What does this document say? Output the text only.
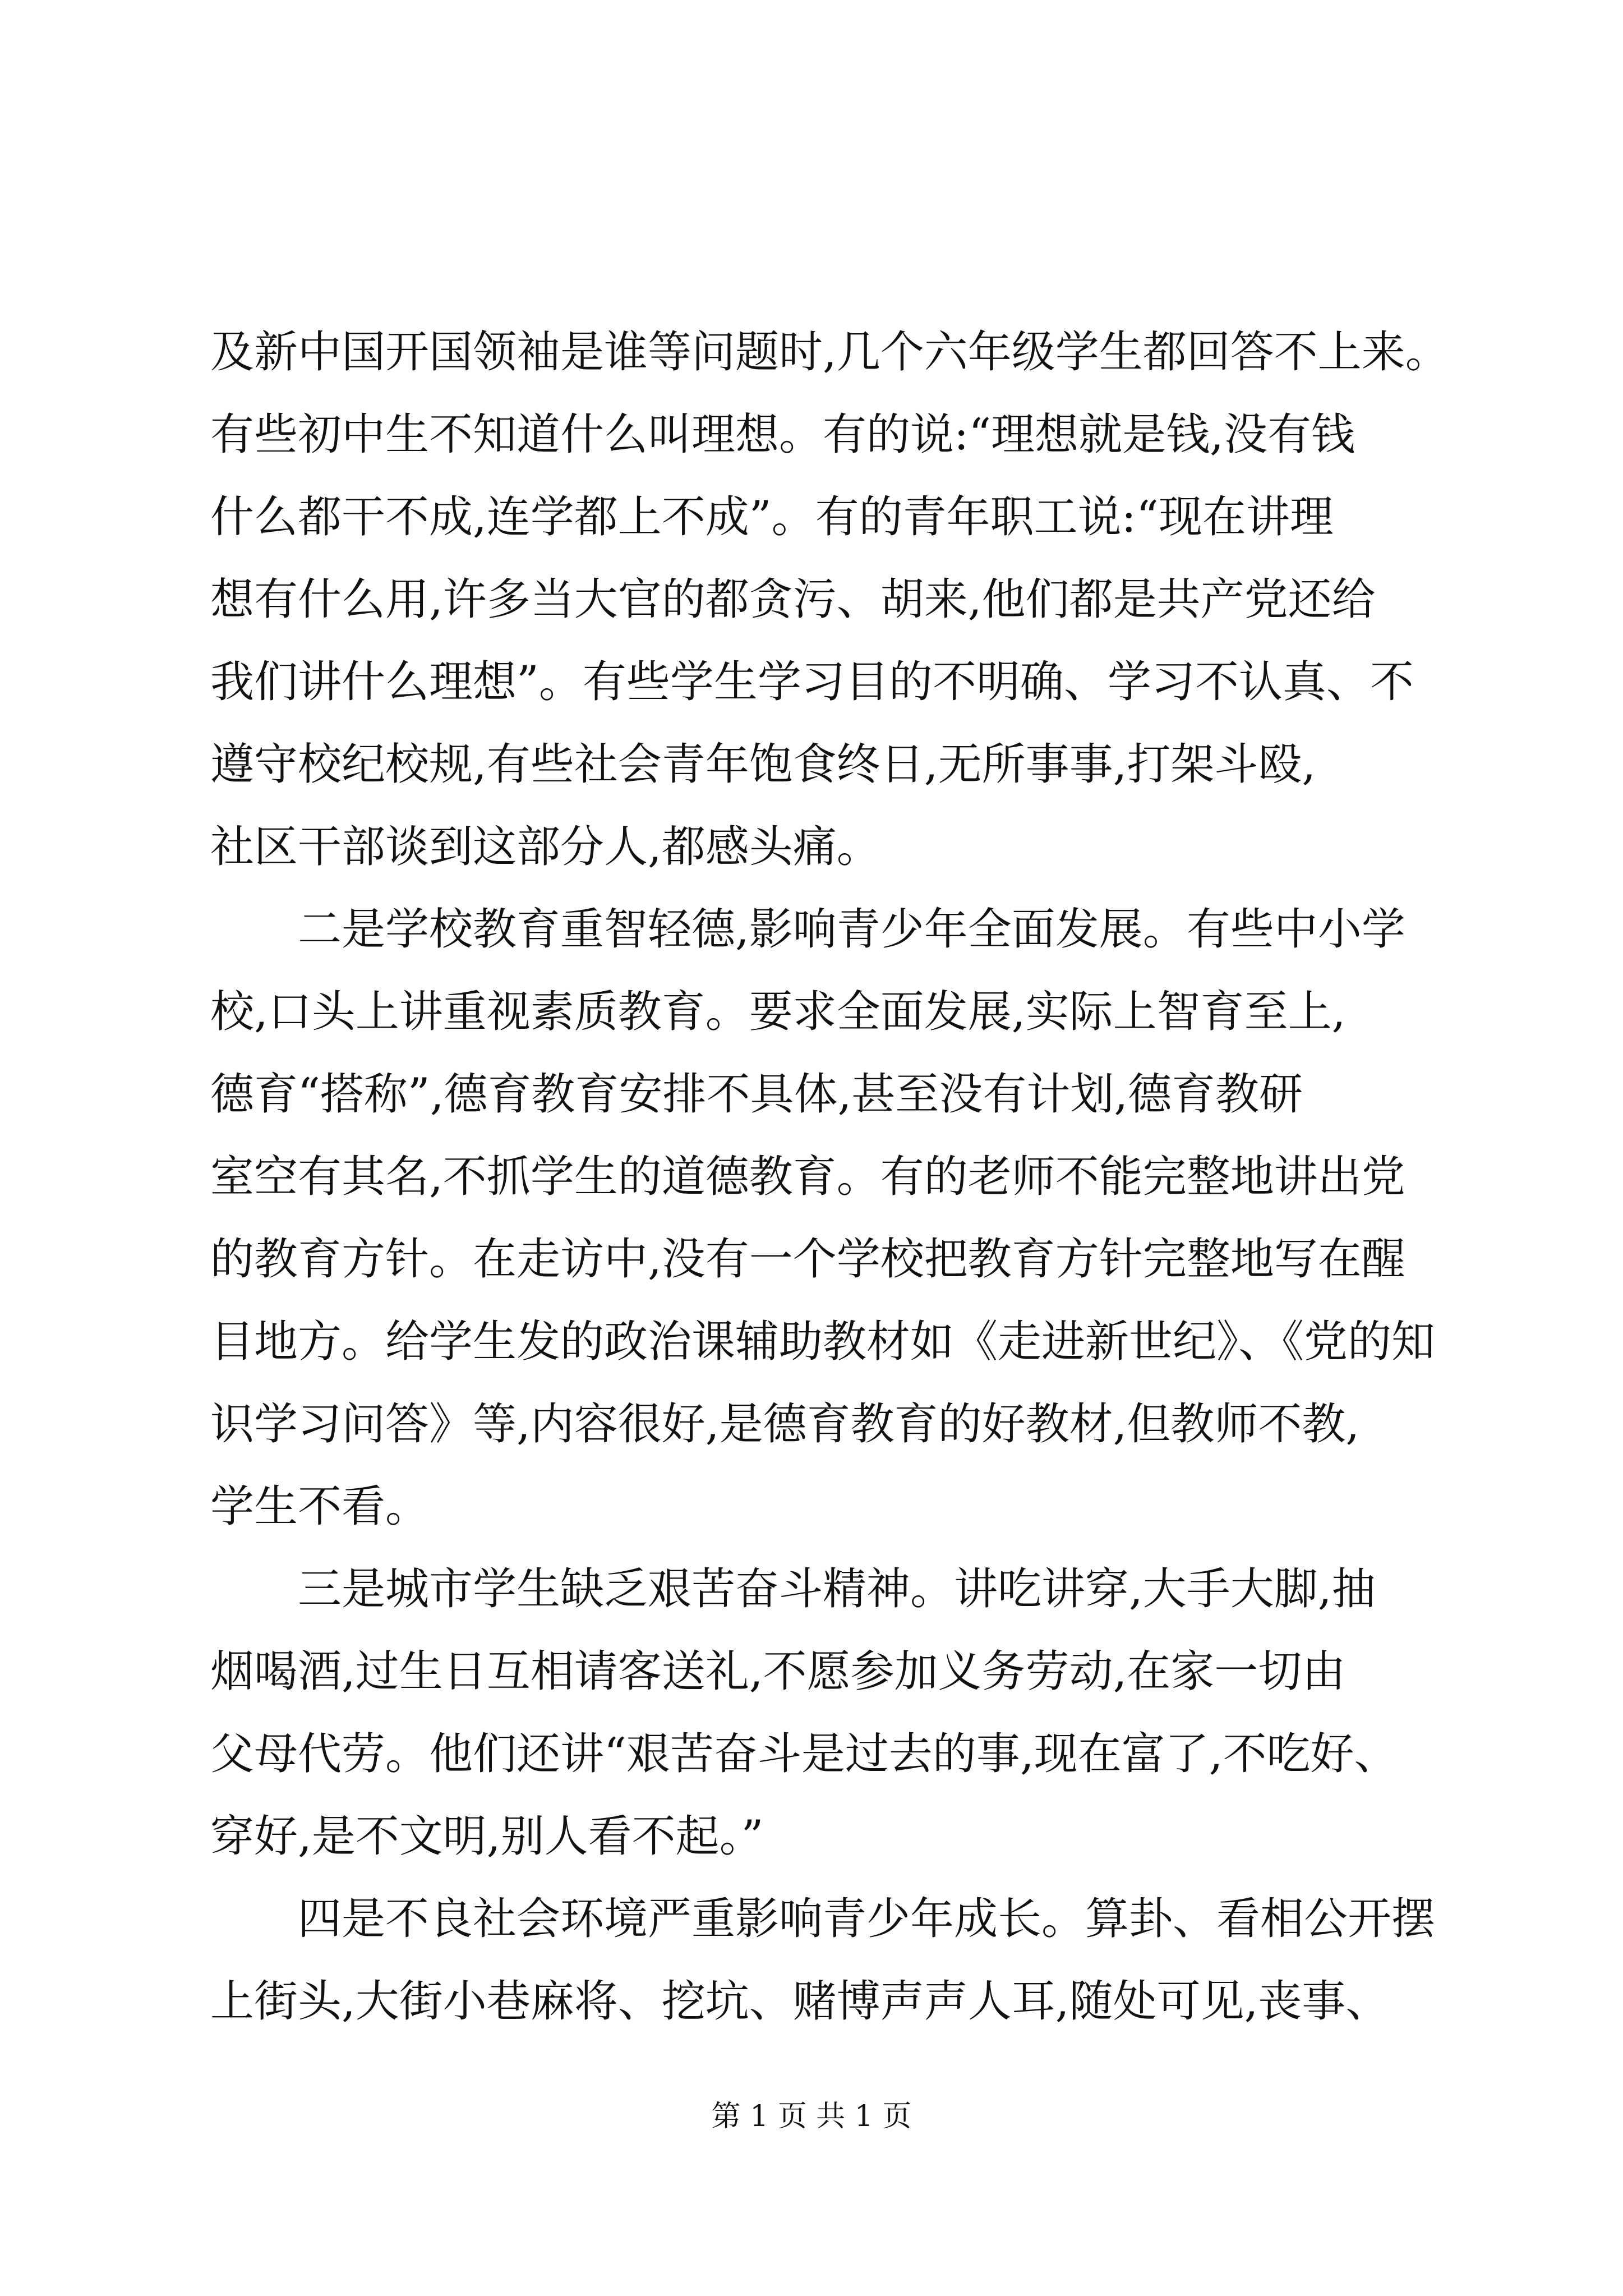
及新中国开国领袖是谁等问题时,几个六年级学生都回答不上来。
有些初中生不知道什么叫理想。有的说:“理想就是钱,没有钱
什么都干不成,连学都上不成”。有的青年职工说:“现在讲理
想有什么用,许多当大官的都贪污、胡来,他们都是共产党还给
我们讲什么理想”。有些学生学习目的不明确、学习不认真、不
遵守校纪校规,有些社会青年饱食终日,无所事事,打架斗殴,
社区干部谈到这部分人,都感头痛。
二是学校教育重智轻德,影响青少年全面发展。有些中小学
校,口头上讲重视素质教育。要求全面发展,实际上智育至上,
德育“搭称”,德育教育安排不具体,甚至没有计划,德育教研
室空有其名,不抓学生的道德教育。有的老师不能完整地讲出党
的教育方针。在走访中,没有一个学校把教育方针完整地写在醒
目地方。给学生发的政治课辅助教材如《走进新世纪》、《党的知
识学习问答》等,内容很好,是德育教育的好教材,但教师不教,
学生不看。
三是城市学生缺乏艰苦奋斗精神。讲吃讲穿,大手大脚,抽
烟喝酒,过生日互相请客送礼,不愿参加义务劳动,在家一切由
父母代劳。他们还讲“艰苦奋斗是过去的事,现在富了,不吃好、
穿好,是不文明,别人看不起。”
四是不良社会环境严重影响青少年成长。算卦、看相公开摆
上街头,大街小巷麻将、挖坑、赌博声声人耳,随处可见,丧事、
第 1 页 共 1 页
